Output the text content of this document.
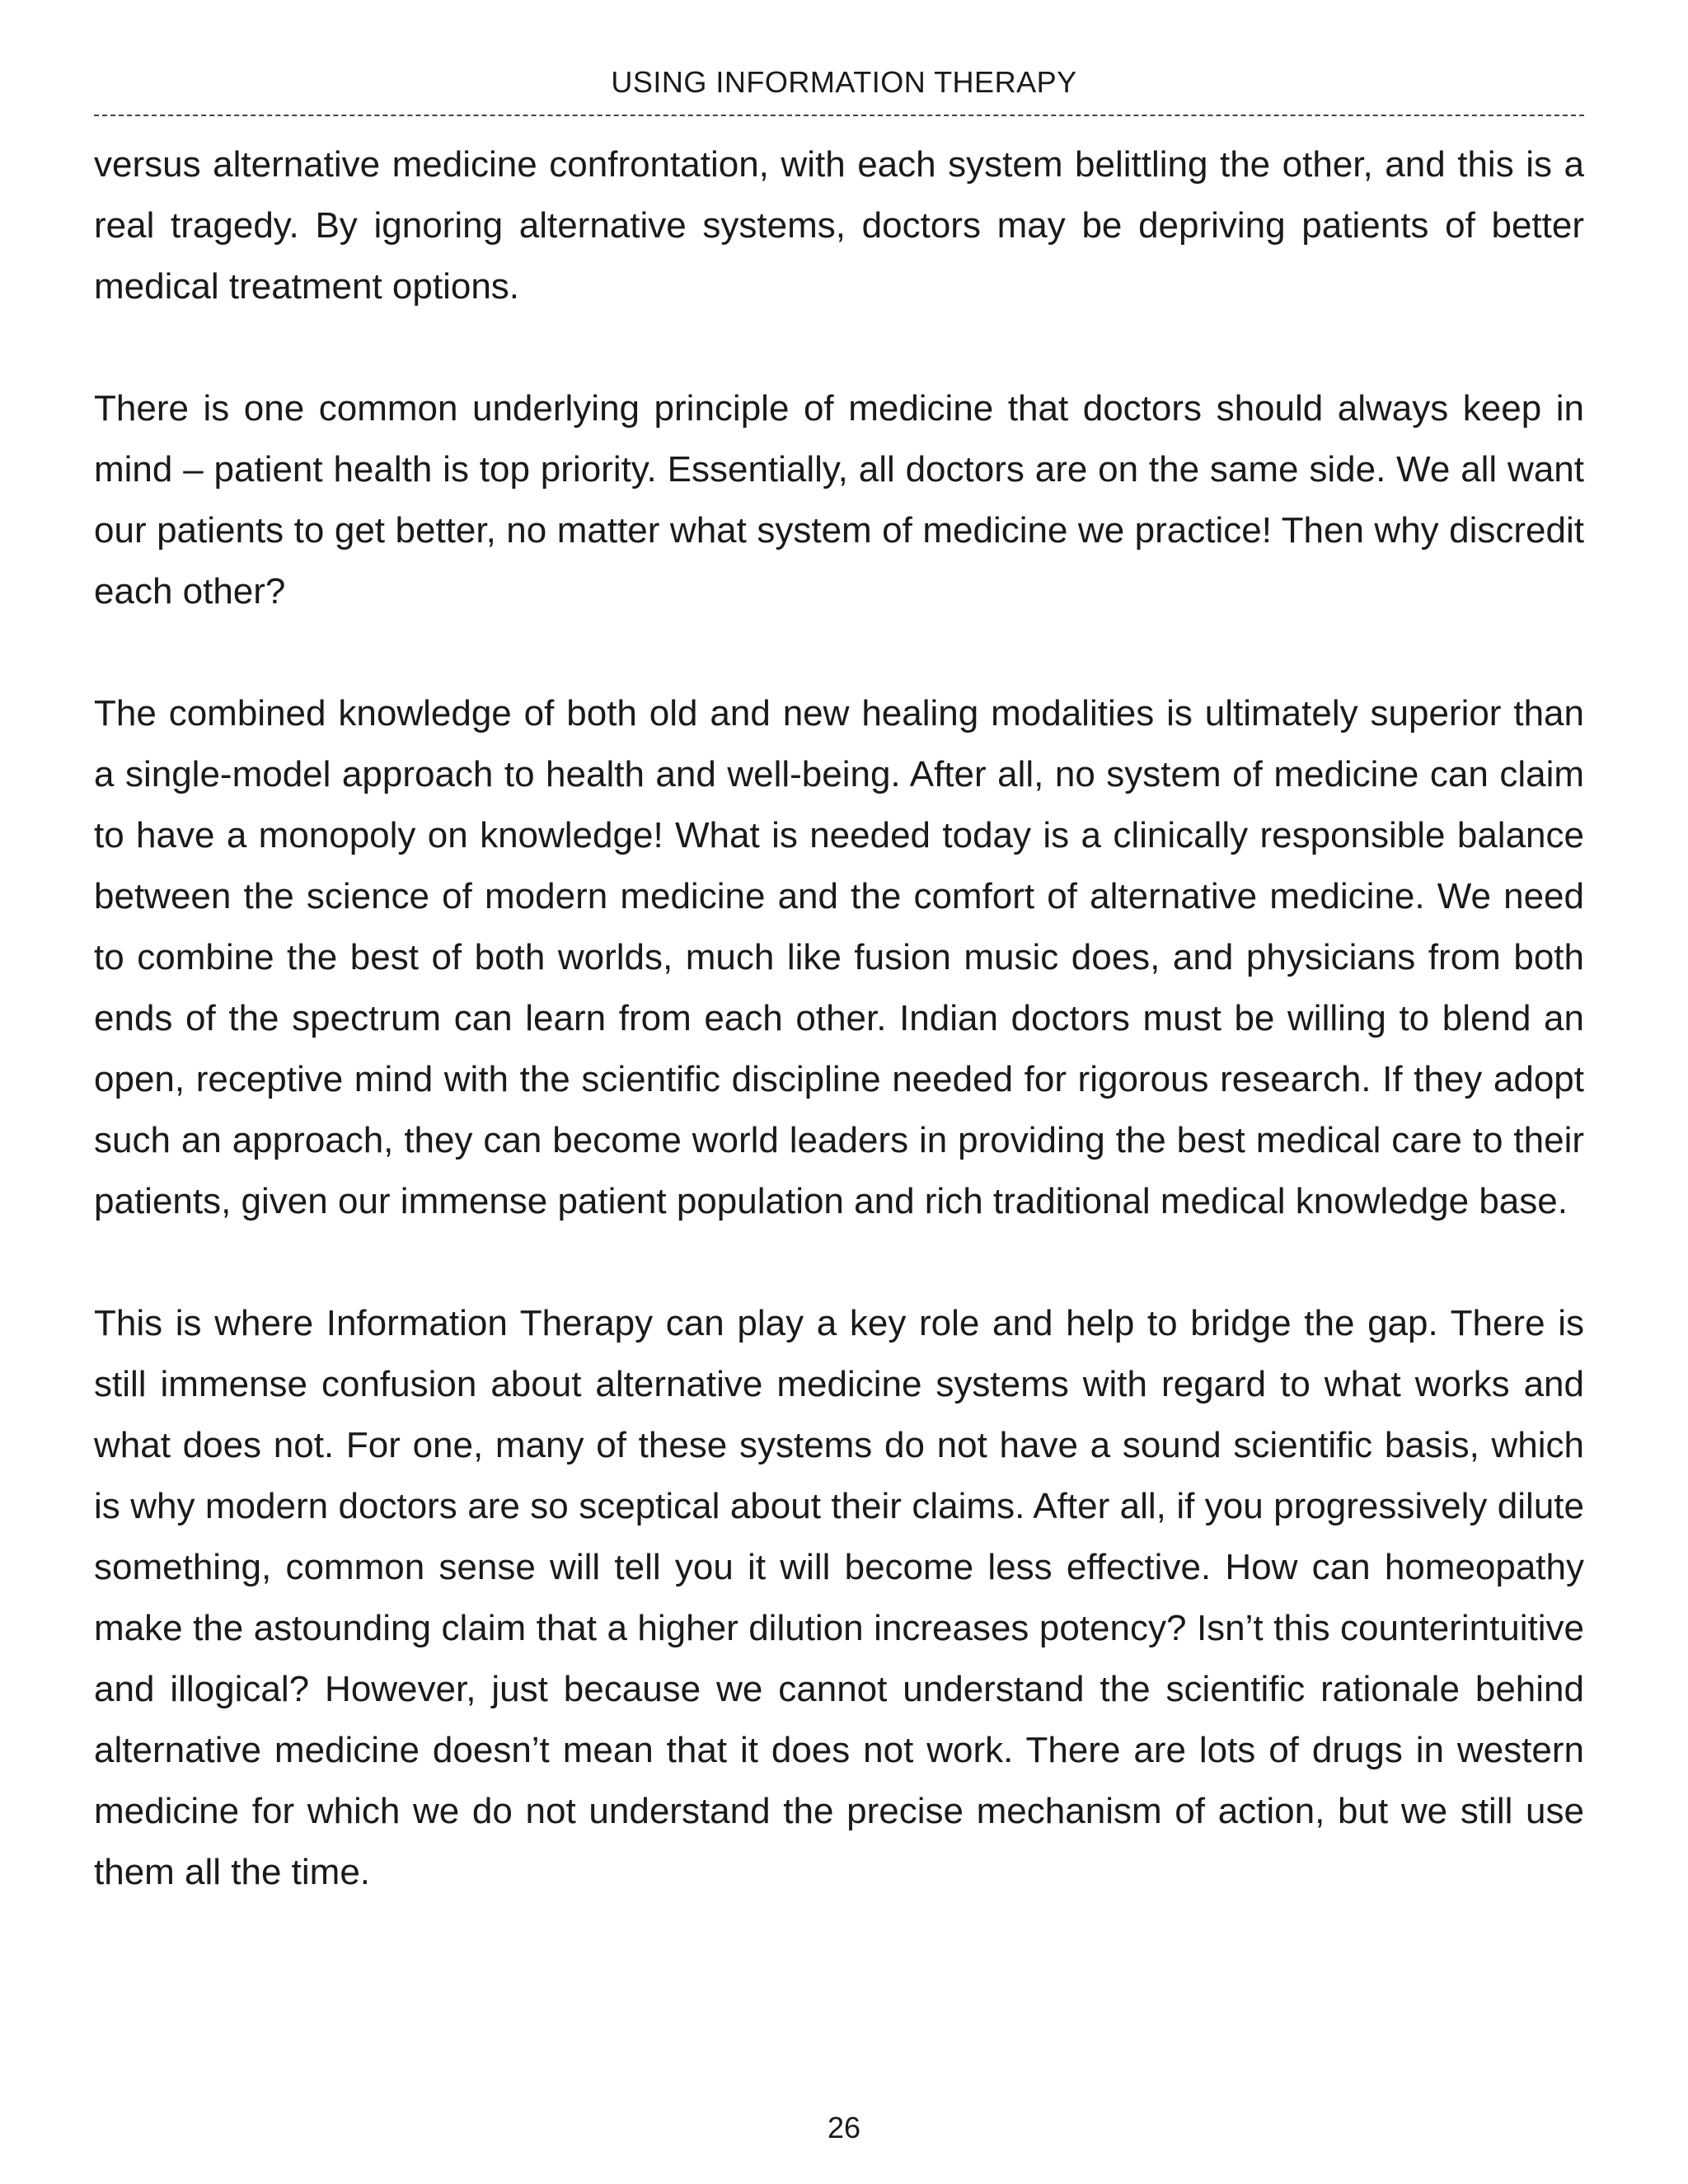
USING INFORMATION THERAPY

versus alternative medicine confrontation, with each system belittling the other, and this is a real tragedy. By ignoring alternative systems, doctors may be depriving patients of better medical treatment options.

There is one common underlying principle of medicine that doctors should always keep in mind – patient health is top priority. Essentially, all doctors are on the same side. We all want our patients to get better, no matter what system of medicine we practice! Then why discredit each other?

The combined knowledge of both old and new healing modalities is ultimately superior than a single-model approach to health and well-being. After all, no system of medicine can claim to have a monopoly on knowledge! What is needed today is a clinically responsible balance between the science of modern medicine and the comfort of alternative medicine. We need to combine the best of both worlds, much like fusion music does, and physicians from both ends of the spectrum can learn from each other. Indian doctors must be willing to blend an open, receptive mind with the scientific discipline needed for rigorous research. If they adopt such an approach, they can become world leaders in providing the best medical care to their patients, given our immense patient population and rich traditional medical knowledge base.

This is where Information Therapy can play a key role and help to bridge the gap. There is still immense confusion about alternative medicine systems with regard to what works and what does not. For one, many of these systems do not have a sound scientific basis, which is why modern doctors are so sceptical about their claims. After all, if you progressively dilute something, common sense will tell you it will become less effective. How can homeopathy make the astounding claim that a higher dilution increases potency? Isn’t this counterintuitive and illogical? However, just because we cannot understand the scientific rationale behind alternative medicine doesn’t mean that it does not work. There are lots of drugs in western medicine for which we do not understand the precise mechanism of action, but we still use them all the time.

26
